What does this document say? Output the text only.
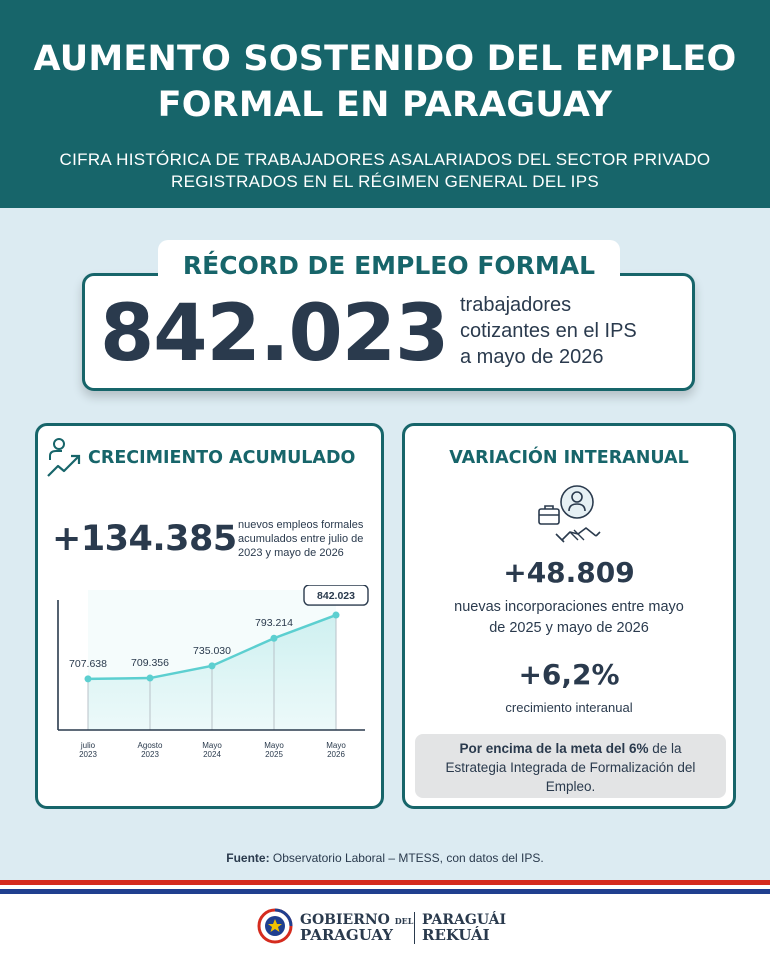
AUMENTO SOSTENIDO DEL EMPLEO
FORMAL EN PARAGUAY
CIFRA HISTÓRICA DE TRABAJADORES ASALARIADOS DEL SECTOR PRIVADO
REGISTRADOS EN EL RÉGIMEN GENERAL DEL IPS
RÉCORD DE EMPLEO FORMAL
842.023 trabajadores
cotizantes en el IPS
a mayo de 2026
CRECIMIENTO ACUMULADO
+134.385 nuevos empleos formales
acumulados entre julio de
2023 y mayo de 2026
707.638 709.356
735.030
793.214
842.023
julio
2023
Agosto
2023
Mayo
2024
Mayo
2025
Mayo
2026
VARIACIÓN INTERANUAL
+48.809
nuevas incorporaciones entre mayo
de 2025 y mayo de 2026
+6,2%
crecimiento interanual
Por encima de la meta del 6% de la
Estrategia Integrada de Formalización del
Empleo.
Fuente: Observatorio Laboral – MTESS, con datos del IPS.
GOBIERNO DEL
PARAGUAY
PARAGUÁI
REKUÁI
